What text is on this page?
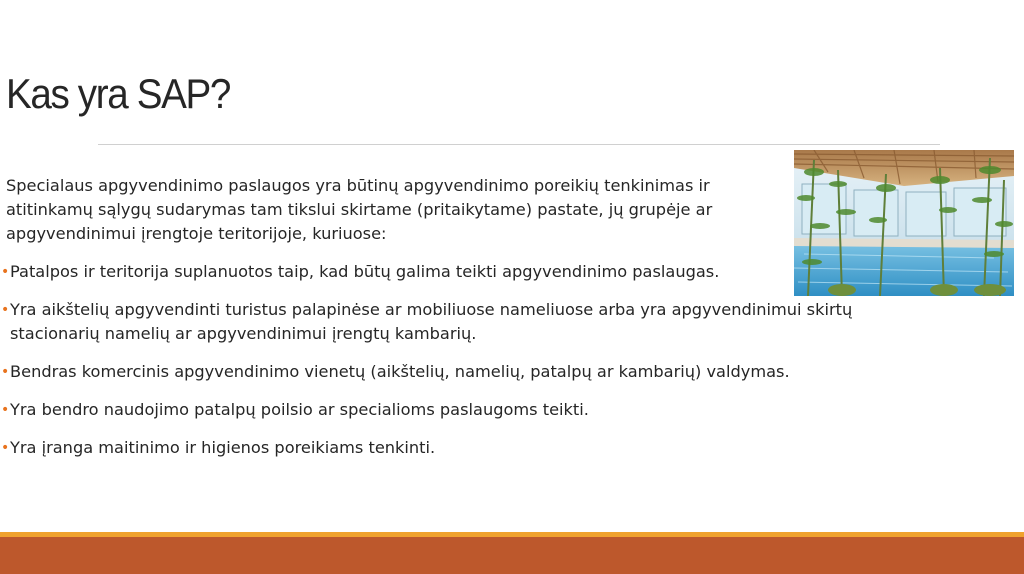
Kas yra SAP?

Specialaus apgyvendinimo paslaugos yra būtinų apgyvendinimo poreikių tenkinimas ir atitinkamų sąlygų sudarymas tam tikslui skirtame (pritaikytame) pastate, jų grupėje ar apgyvendinimui įrengtoje teritorijoje, kuriuose:

• Patalpos ir teritorija suplanuotos taip, kad būtų galima teikti apgyvendinimo paslaugas.
• Yra aikštelių apgyvendinti turistus palapinėse ar mobiliuose nameliuose arba yra apgyvendinimui skirtų stacionarių namelių ar apgyvendinimui įrengtų kambarių.
• Bendras komercinis apgyvendinimo vienetų (aikštelių, namelių, patalpų ar kambarių) valdymas.
• Yra bendro naudojimo patalpų poilsio ar specialioms paslaugoms teikti.
• Yra įranga maitinimo ir higienos poreikiams tenkinti.
